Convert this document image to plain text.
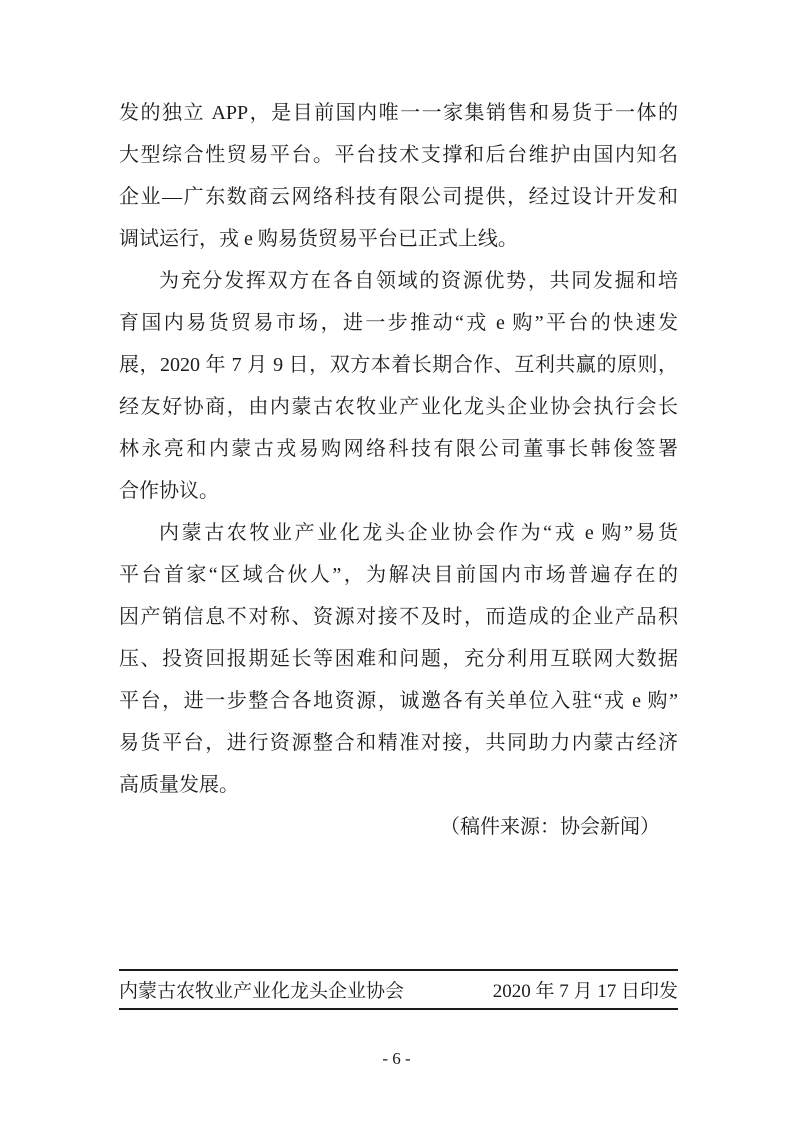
发的独立 APP，是目前国内唯一一家集销售和易货于一体的
大型综合性贸易平台。平台技术支撑和后台维护由国内知名
企业—广东数商云网络科技有限公司提供，经过设计开发和
调试运行，戎 e 购易货贸易平台已正式上线。
为充分发挥双方在各自领域的资源优势，共同发掘和培
育国内易货贸易市场，进一步推动“戎 e 购”平台的快速发
展，2020 年 7 月 9 日，双方本着长期合作、互利共赢的原则，
经友好协商，由内蒙古农牧业产业化龙头企业协会执行会长
林永亮和内蒙古戎易购网络科技有限公司董事长韩俊签署
合作协议。
内蒙古农牧业产业化龙头企业协会作为“戎 e 购”易货
平台首家“区域合伙人”，为解决目前国内市场普遍存在的
因产销信息不对称、资源对接不及时，而造成的企业产品积
压、投资回报期延长等困难和问题，充分利用互联网大数据
平台，进一步整合各地资源，诚邀各有关单位入驻“戎 e 购”
易货平台，进行资源整合和精准对接，共同助力内蒙古经济
高质量发展。
（稿件来源：协会新闻）
内蒙古农牧业产业化龙头企业协会	2020 年 7 月 17 日印发
- 6 -
